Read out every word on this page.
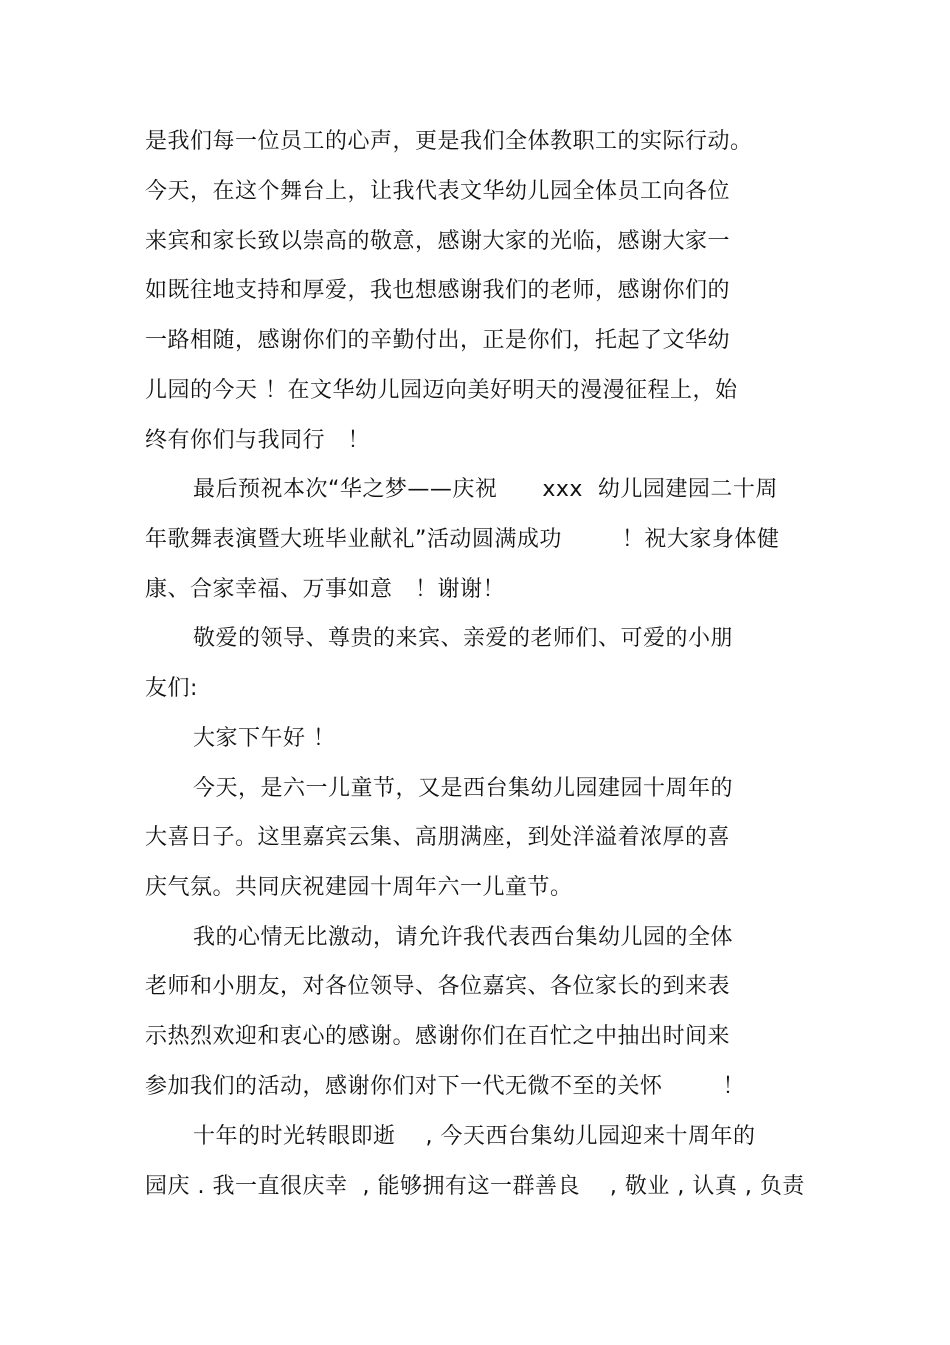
是我们每一位员工的心声，更是我们全体教职工的实际行动。
今天，在这个舞台上，让我代表文华幼儿园全体员工向各位
来宾和家长致以崇高的敬意，感谢大家的光临，感谢大家一
如既往地支持和厚爱，我也想感谢我们的老师，感谢你们的
一路相随，感谢你们的辛勤付出，正是你们，托起了文华幼
儿园的今天 ！在文华幼儿园迈向美好明天的漫漫征程上，始
终有你们与我同行   ！
最后预祝本次“华之梦——庆祝      xxx  幼儿园建园二十周
年歌舞表演暨大班毕业献礼”活动圆满成功        ！祝大家身体健
康、合家幸福、万事如意   ！谢谢！
敬爱的领导、尊贵的来宾、亲爱的老师们、可爱的小朋
友们:
大家下午好 ！
今天，是六一儿童节，又是西台集幼儿园建园十周年的
大喜日子。这里嘉宾云集、高朋满座，到处洋溢着浓厚的喜
庆气氛。共同庆祝建园十周年六一儿童节。
我的心情无比激动，请允许我代表西台集幼儿园的全体
老师和小朋友，对各位领导、各位嘉宾、各位家长的到来表
示热烈欢迎和衷心的感谢。感谢你们在百忙之中抽出时间来
参加我们的活动，感谢你们对下一代无微不至的关怀        ！
十年的时光转眼即逝    , 今天西台集幼儿园迎来十周年的
园庆 . 我一直很庆幸  , 能够拥有这一群善良    , 敬业 , 认真 , 负责
